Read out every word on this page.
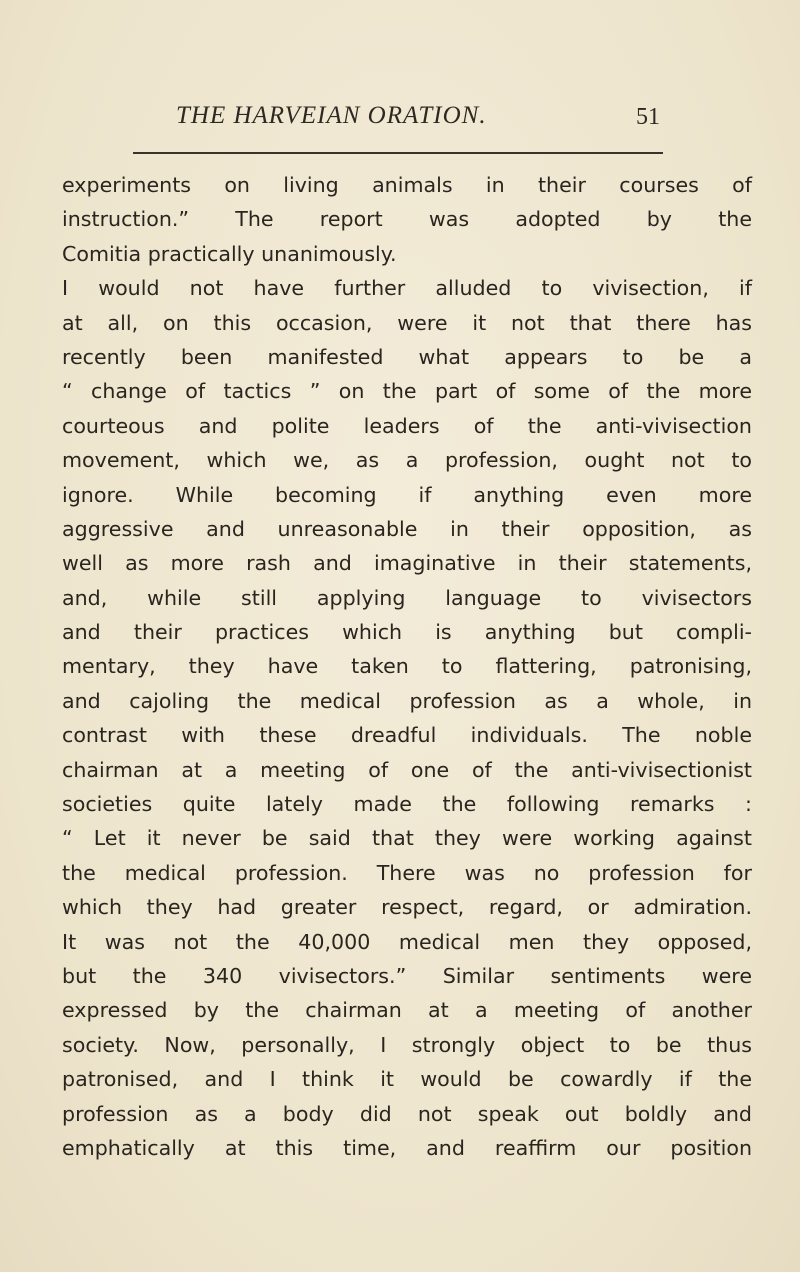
THE HARVEIAN ORATION.	51
experiments on living animals in their courses of
instruction.” The report was adopted by the
Comitia practically unanimously.
I would not have further alluded to vivisection, if
at all, on this occasion, were it not that there has
recently been manifested what appears to be a
“ change of tactics ” on the part of some of the more
courteous and polite leaders of the anti-vivisection
movement, which we, as a profession, ought not to
ignore. While becoming if anything even more
aggressive and unreasonable in their opposition, as
well as more rash and imaginative in their statements,
and, while still applying language to vivisectors
and their practices which is anything but compli-
mentary, they have taken to flattering, patronising,
and cajoling the medical profession as a whole, in
contrast with these dreadful individuals. The noble
chairman at a meeting of one of the anti-vivisectionist
societies quite lately made the following remarks :
“ Let it never be said that they were working against
the medical profession. There was no profession for
which they had greater respect, regard, or admiration.
It was not the 40,000 medical men they opposed,
but the 340 vivisectors.” Similar sentiments were
expressed by the chairman at a meeting of another
society. Now, personally, I strongly object to be thus
patronised, and I think it would be cowardly if the
profession as a body did not speak out boldly and
emphatically at this time, and reaffirm our position
